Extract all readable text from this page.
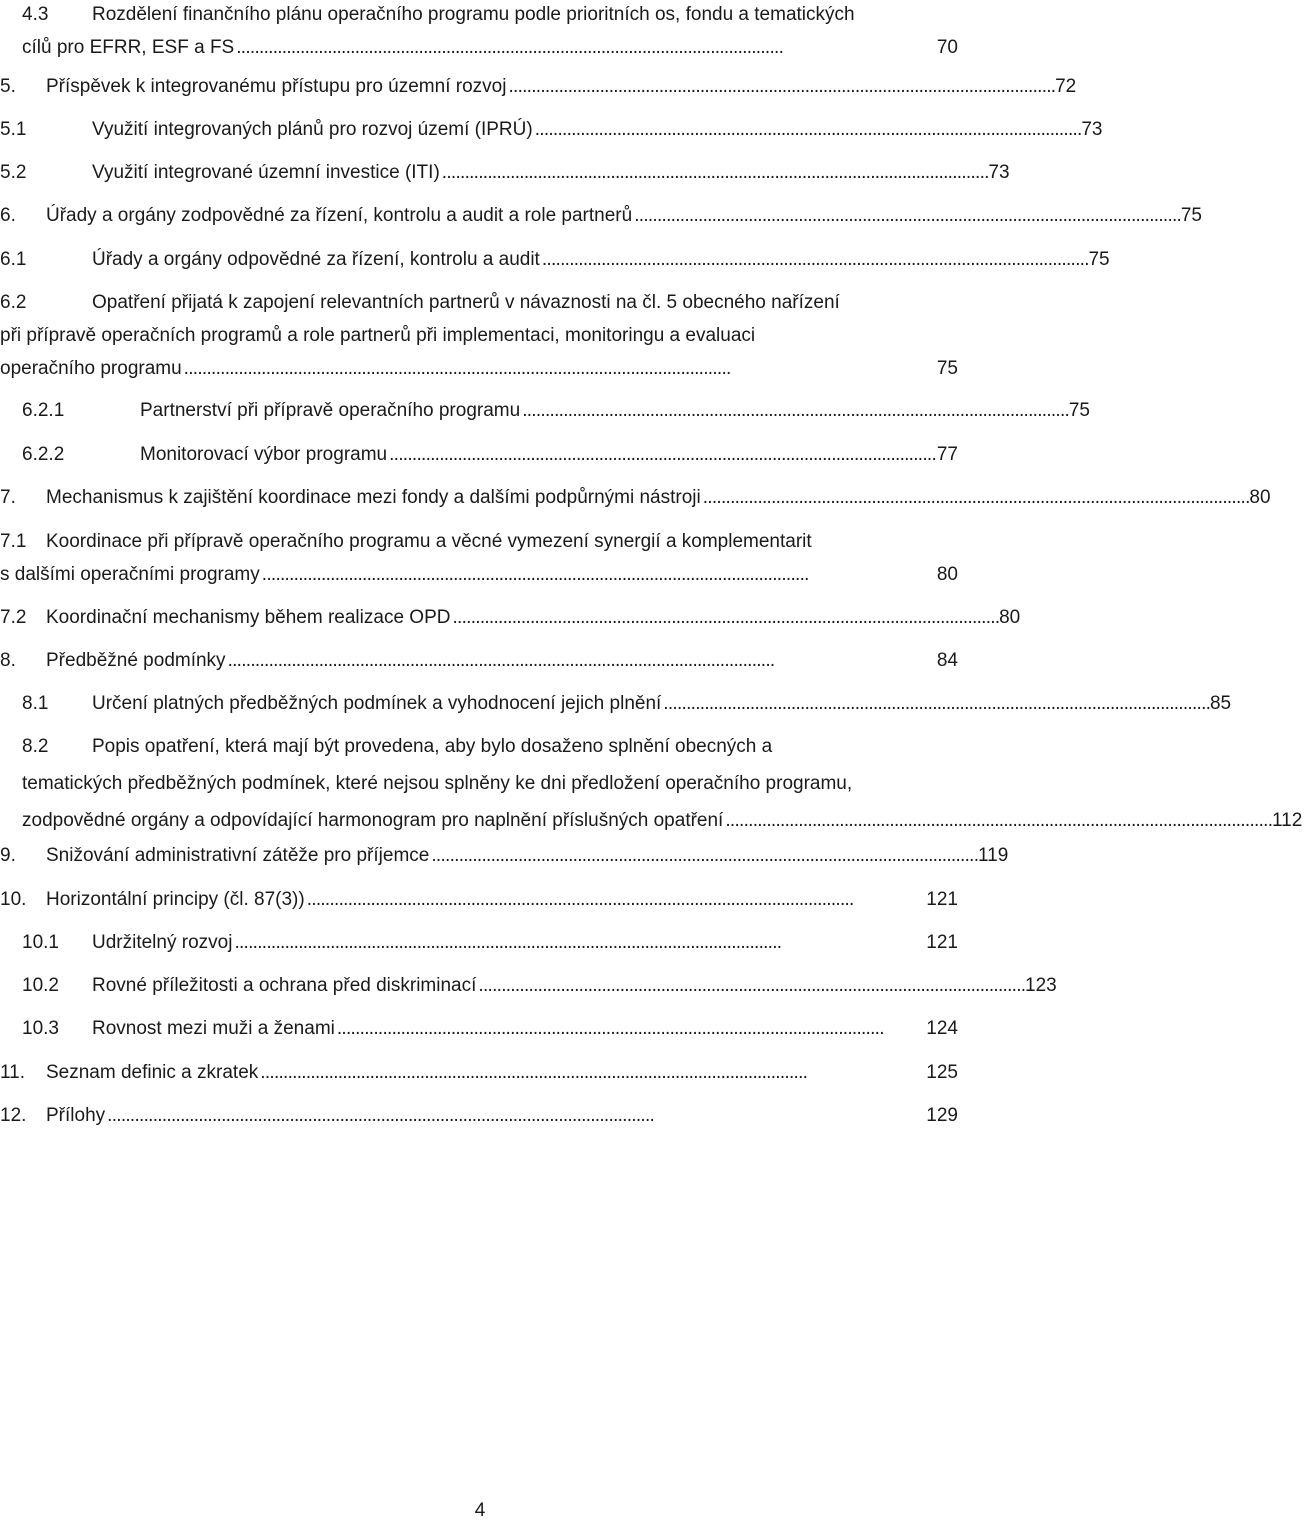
4.3 Rozdělení finančního plánu operačního programu podle prioritních os, fondu a tematických
cílů pro EFRR, ESF a FS . . .	70
5.	Příspěvek k integrovanému přístupu pro územní rozvoj . . .	72
5.1	Využití integrovaných plánů pro rozvoj území (IPRÚ) . . .	73
5.2	Využití integrované územní investice (ITI) . . .	73
6.	Úřady a orgány zodpovědné za řízení, kontrolu a audit a role partnerů . . .	75
6.1	Úřady a orgány odpovědné za řízení, kontrolu a audit . . .	75
6.2	Opatření přijatá k zapojení relevantních partnerů v návaznosti na čl. 5 obecného nařízení
při přípravě operačních programů a role partnerů při implementaci, monitoringu a evaluaci
operačního programu . . .	75
6.2.1	Partnerství při přípravě operačního programu . . .	75
6.2.2	Monitorovací výbor programu . . .	77
7.	Mechanismus k zajištění koordinace mezi fondy a dalšími podpůrnými nástroji . . .	80
7.1 Koordinace při přípravě operačního programu a věcné vymezení synergií a komplementarit
s dalšími operačními programy . . .	80
7.2	Koordinační mechanismy během realizace OPD . . .	80
8.	Předběžné podmínky . . .	84
8.1	Určení platných předběžných podmínek a vyhodnocení jejich plnění . . .	85
8.2 Popis opatření, která mají být provedena, aby bylo dosaženo splnění obecných a
tematických předběžných podmínek, které nejsou splněny ke dni předložení operačního programu,
zodpovědné orgány a odpovídající harmonogram pro naplnění příslušných opatření . . .	112
9.	Snižování administrativní zátěže pro příjemce . . .	119
10.	Horizontální principy (čl. 87(3)) . . .	121
10.1	Udržitelný rozvoj . . .	121
10.2	Rovné příležitosti a ochrana před diskriminací . . .	123
10.3	Rovnost mezi muži a ženami . . .	124
11.	Seznam definic a zkratek . . .	125
12.	Přílohy . . .	129
4
